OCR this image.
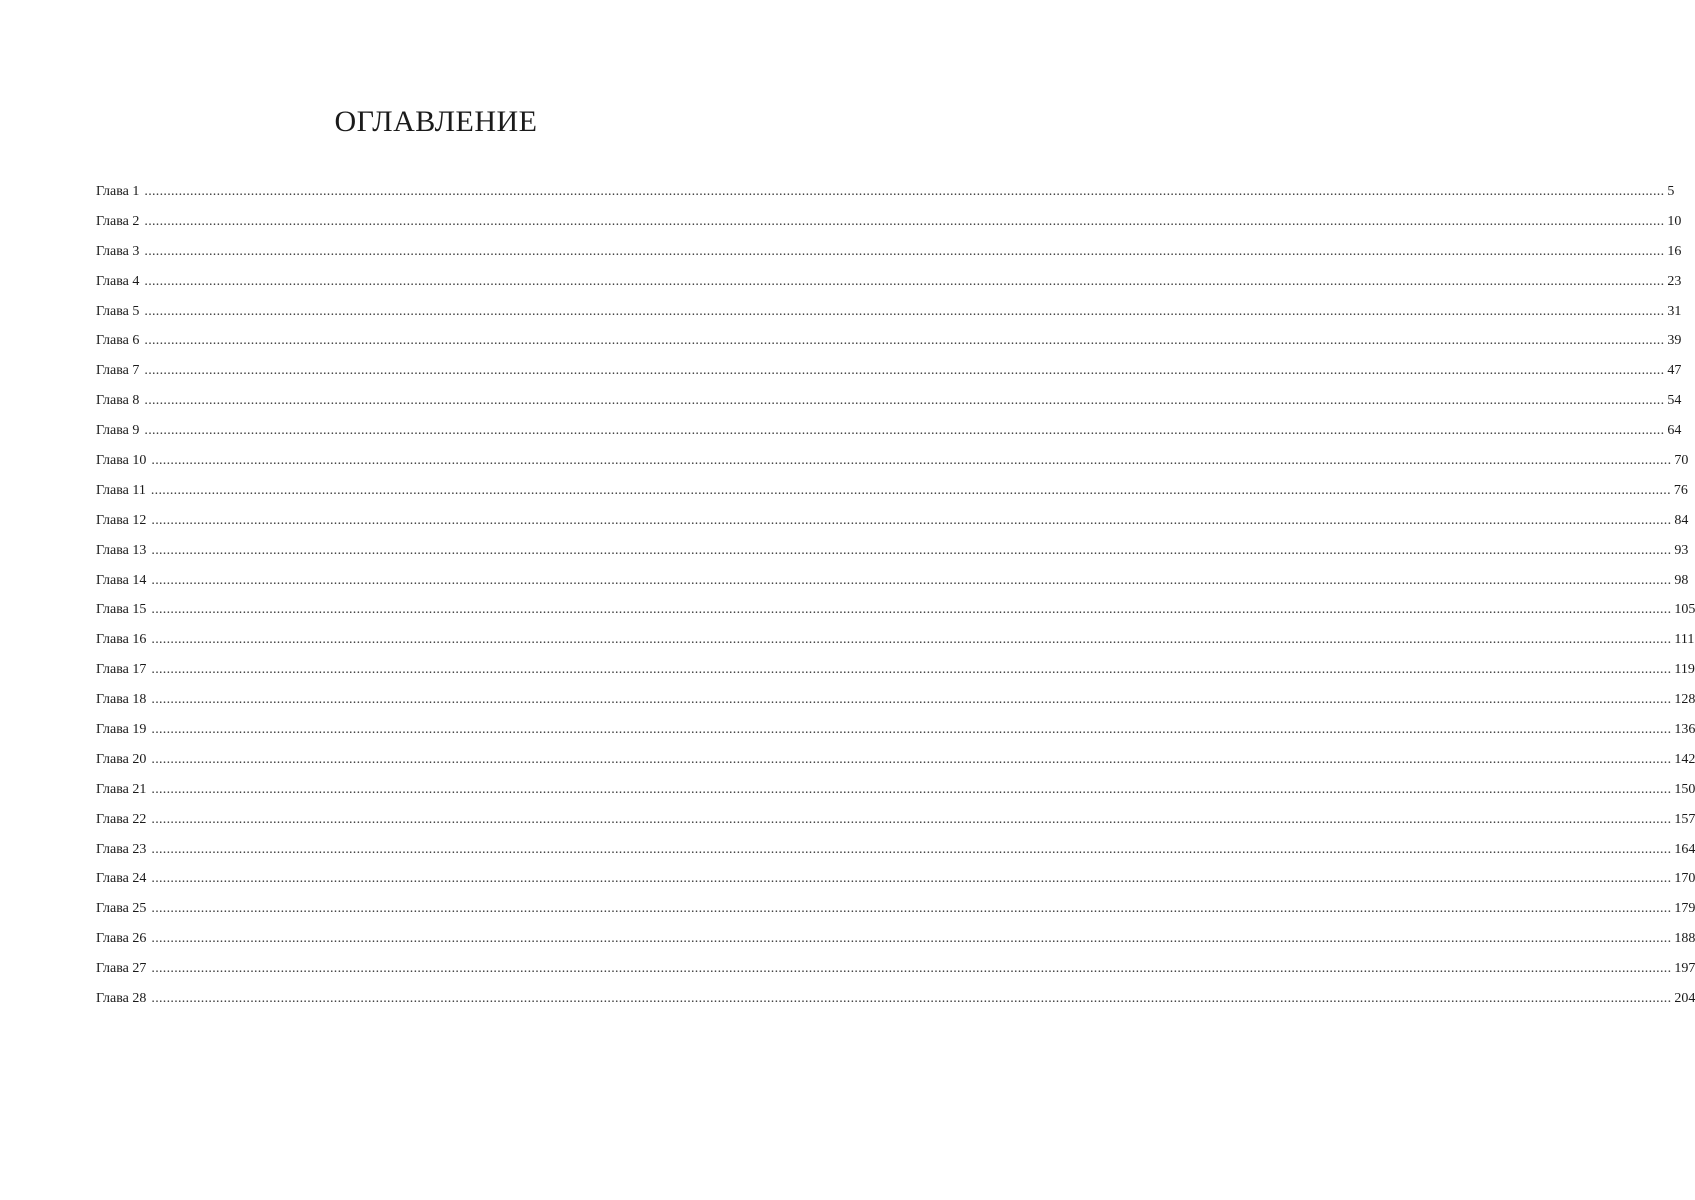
ОГЛАВЛЕНИЕ
Глава 1 ................................................................................................................................................................................................................................................................................................................................................................................................................ 5
Глава 2 ................................................................................................................................................................................................................................................................................................................................................................................................................ 10
Глава 3 ................................................................................................................................................................................................................................................................................................................................................................................................................ 16
Глава 4 ................................................................................................................................................................................................................................................................................................................................................................................................................ 23
Глава 5 ................................................................................................................................................................................................................................................................................................................................................................................................................ 31
Глава 6 ................................................................................................................................................................................................................................................................................................................................................................................................................ 39
Глава 7 ................................................................................................................................................................................................................................................................................................................................................................................................................ 47
Глава 8 ................................................................................................................................................................................................................................................................................................................................................................................................................ 54
Глава 9 ................................................................................................................................................................................................................................................................................................................................................................................................................ 64
Глава 10 ................................................................................................................................................................................................................................................................................................................................................................................................................ 70
Глава 11 ................................................................................................................................................................................................................................................................................................................................................................................................................ 76
Глава 12 ................................................................................................................................................................................................................................................................................................................................................................................................................ 84
Глава 13 ................................................................................................................................................................................................................................................................................................................................................................................................................ 93
Глава 14 ................................................................................................................................................................................................................................................................................................................................................................................................................ 98
Глава 15 ................................................................................................................................................................................................................................................................................................................................................................................................................ 105
Глава 16 ................................................................................................................................................................................................................................................................................................................................................................................................................ 111
Глава 17 ................................................................................................................................................................................................................................................................................................................................................................................................................ 119
Глава 18 ................................................................................................................................................................................................................................................................................................................................................................................................................ 128
Глава 19 ................................................................................................................................................................................................................................................................................................................................................................................................................ 136
Глава 20 ................................................................................................................................................................................................................................................................................................................................................................................................................ 142
Глава 21 ................................................................................................................................................................................................................................................................................................................................................................................................................ 150
Глава 22 ................................................................................................................................................................................................................................................................................................................................................................................................................ 157
Глава 23 ................................................................................................................................................................................................................................................................................................................................................................................................................ 164
Глава 24 ................................................................................................................................................................................................................................................................................................................................................................................................................ 170
Глава 25 ................................................................................................................................................................................................................................................................................................................................................................................................................ 179
Глава 26 ................................................................................................................................................................................................................................................................................................................................................................................................................ 188
Глава 27 ................................................................................................................................................................................................................................................................................................................................................................................................................ 197
Глава 28 ................................................................................................................................................................................................................................................................................................................................................................................................................ 204
